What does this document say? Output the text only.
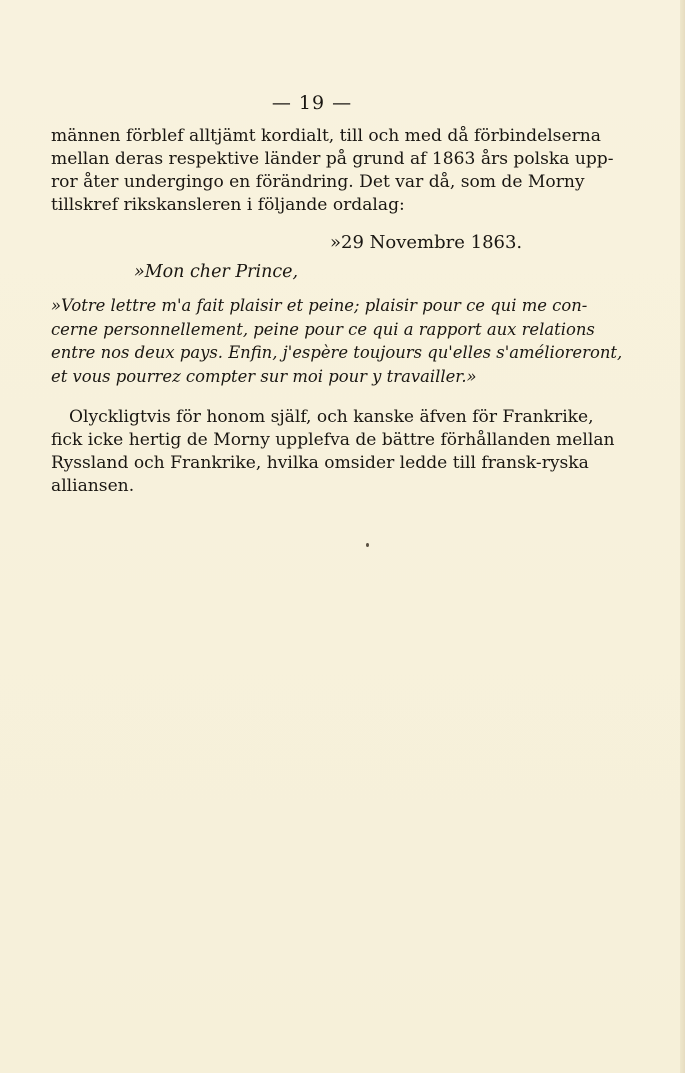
— 19 —
männen förblef alltjämt kordialt, till och med då förbindelserna
mellan deras respektive länder på grund af 1863 års polska upp-
ror åter undergingo en förändring. Det var då, som de Morny
tillskref rikskansleren i följande ordalag:
»29 Novembre 1863.
»Mon cher Prince,
»Votre lettre m'a fait plaisir et peine; plaisir pour ce qui me con-
cerne personnellement, peine pour ce qui a rapport aux relations
entre nos deux pays. Enfin, j'espère toujours qu'elles s'amélioreront,
et vous pourrez compter sur moi pour y travailler.»
Olyckligtvis för honom själf, och kanske äfven för Frankrike,
fick icke hertig de Morny upplefva de bättre förhållanden mellan
Ryssland och Frankrike, hvilka omsider ledde till fransk-ryska
alliansen.
